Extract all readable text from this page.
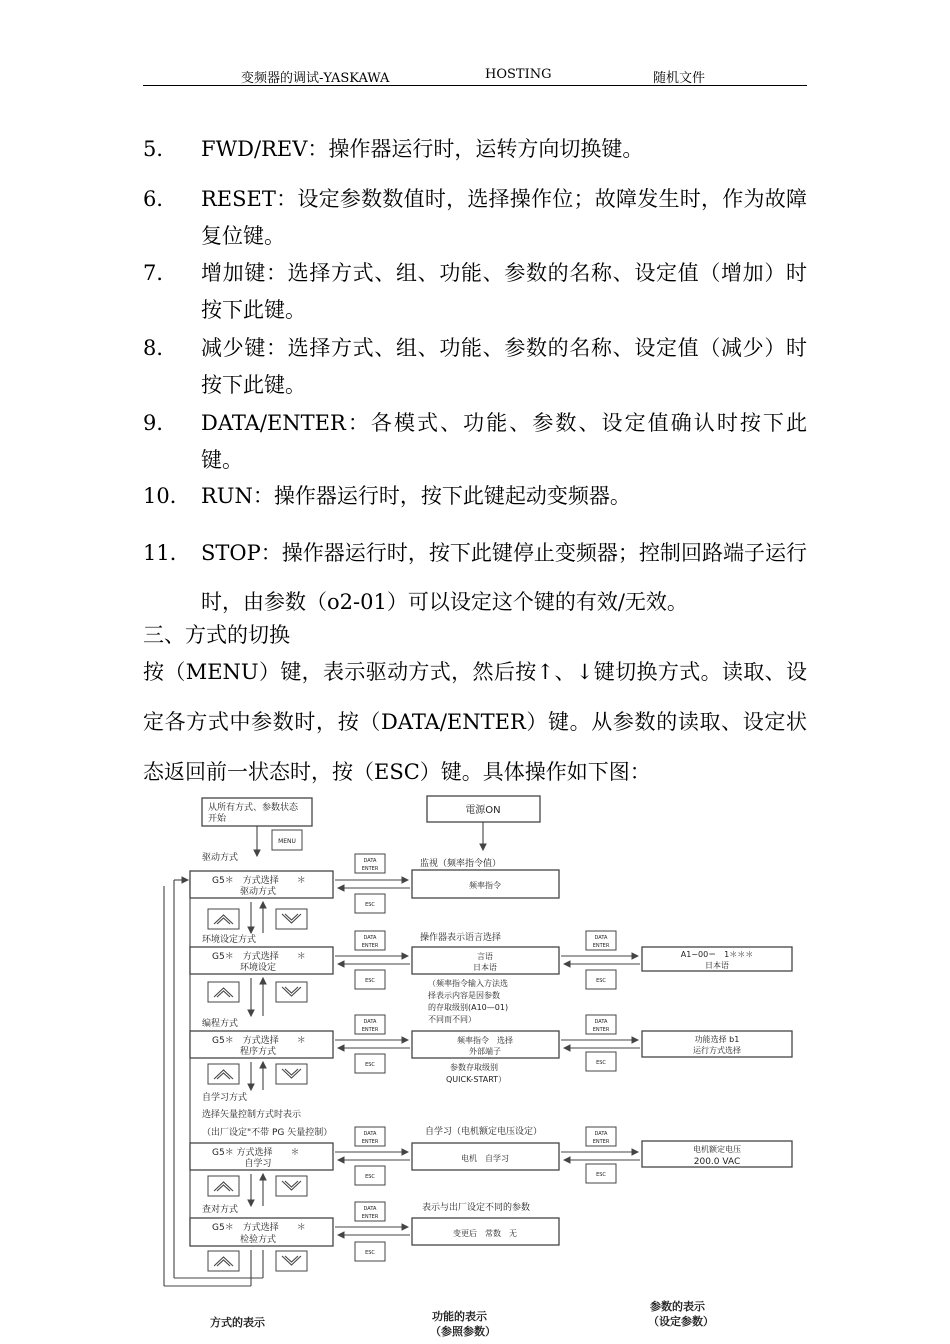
变频器的调试-YASKAWA	HOSTING	随机文件
5． FWD/REV：操作器运行时，运转方向切换键。
6． RESET：设定参数数值时，选择操作位；故障发生时，作为故障复位键。
7． 增加键：选择方式、组、功能、参数的名称、设定值（增加）时按下此键。
8． 减少键：选择方式、组、功能、参数的名称、设定值（减少）时按下此键。
9． DATA/ENTER：各模式、功能、参数、设定值确认时按下此键。
10． RUN：操作器运行时，按下此键起动变频器。
11． STOP：操作器运行时，按下此键停止变频器；控制回路端子运行时，由参数（o2-01）可以设定这个键的有效/无效。
三、方式的切换
按（MENU）键，表示驱动方式，然后按↑、↓键切换方式。读取、设定各方式中参数时，按（DATA/ENTER）键。从参数的读取、设定状态返回前一状态时，按（ESC）键。具体操作如下图：
从所有方式、参数状态
开始
MENU
電源ON
驱动方式
G5＊　方式选择　　＊
驱动方式
DATA
ENTER
ESC
监视（频率指令值）
频率指令
环境设定方式
G5＊　方式选择　　＊
环境设定
DATA
ENTER
ESC
操作器表示语言选择
言语
日本语
（频率指令输入方法选
择表示内容是因参数
的存取级别(A10—01)
不同而不同）
DATA
ENTER
ESC
A1−00＝　1＊＊＊
日本语
编程方式
G5＊　方式选择　　＊
程序方式
DATA
ENTER
ESC
频率指令　选择
外部端子
参数存取级别
QUICK-START）
DATA
ENTER
ESC
功能选择 b1
运行方式选择
自学习方式
选择矢量控制方式时表示
（出厂设定"不带 PG 矢量控制）
G5＊ 方式选择　　＊
自学习
DATA
ENTER
ESC
自学习（电机额定电压设定）
电机　自学习
DATA
ENTER
ESC
电机额定电压
200.0 VAC
查对方式
G5＊　方式选择　　＊
检验方式
DATA
ENTER
ESC
表示与出厂设定不同的参数
变更后　常数　无
方式的表示	功能的表示
（参照参数）
参数的表示
（设定参数）
